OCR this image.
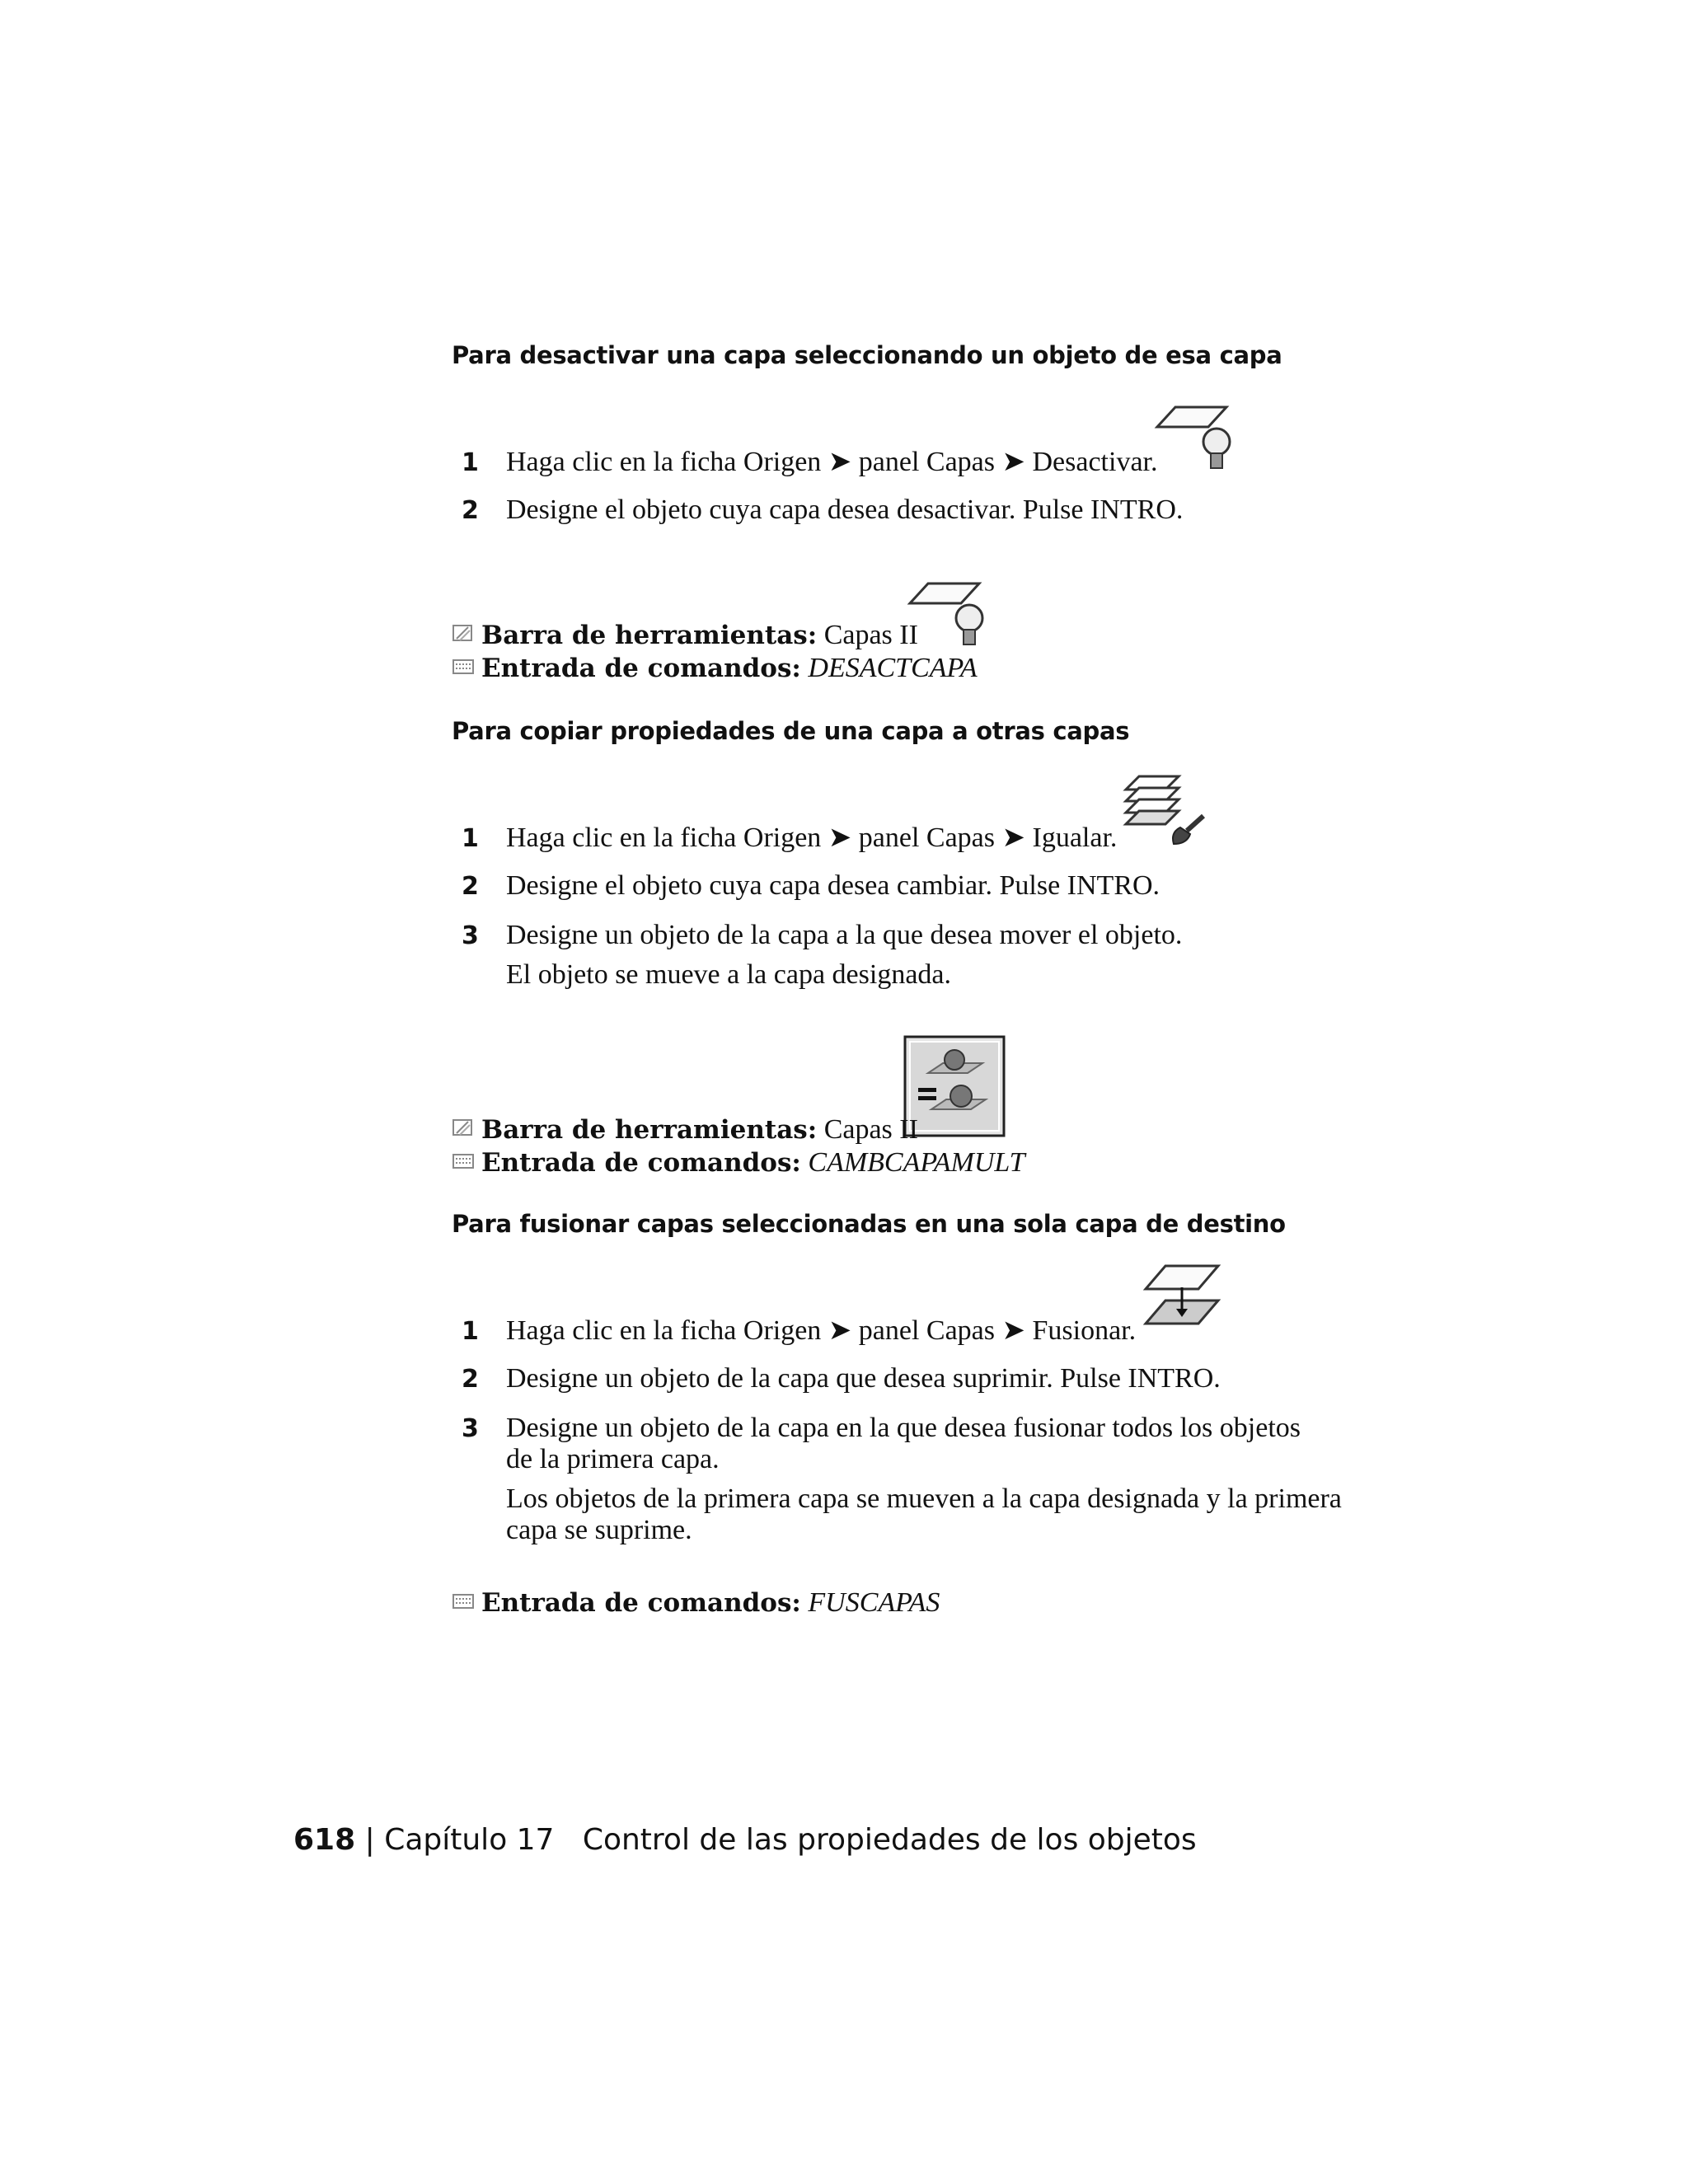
Para desactivar una capa seleccionando un objeto de esa capa
1 Haga clic en la ficha Origen ➤ panel Capas ➤ Desactivar.
2 Designe el objeto cuya capa desea desactivar. Pulse INTRO.
Barra de herramientas: Capas II
Entrada de comandos: DESACTCAPA
Para copiar propiedades de una capa a otras capas
1 Haga clic en la ficha Origen ➤ panel Capas ➤ Igualar.
2 Designe el objeto cuya capa desea cambiar. Pulse INTRO.
3 Designe un objeto de la capa a la que desea mover el objeto.
El objeto se mueve a la capa designada.
Barra de herramientas: Capas II
Entrada de comandos: CAMBCAPAMULT
Para fusionar capas seleccionadas en una sola capa de destino
1 Haga clic en la ficha Origen ➤ panel Capas ➤ Fusionar.
2 Designe un objeto de la capa que desea suprimir. Pulse INTRO.
3 Designe un objeto de la capa en la que desea fusionar todos los objetos
de la primera capa.
Los objetos de la primera capa se mueven a la capa designada y la primera
capa se suprime.
Entrada de comandos: FUSCAPAS
618 | Capítulo 17 Control de las propiedades de los objetos
